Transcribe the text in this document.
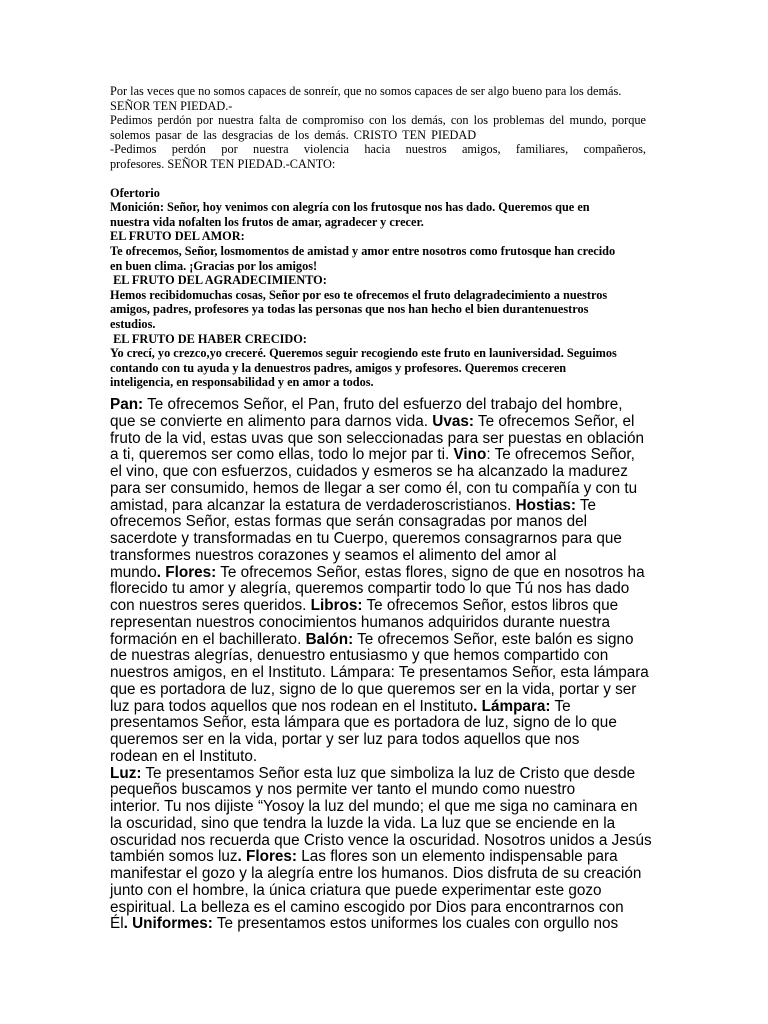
Por las veces que no somos capaces de sonreír, que no somos capaces de ser algo bueno para los demás.

SEÑOR TEN PIEDAD.-

Pedimos perdón por nuestra falta de compromiso con los demás, con los problemas del mundo, porque

solemos pasar de las desgracias de los demás. CRISTO TEN PIEDAD

-Pedimos perdón por nuestra violencia hacia nuestros amigos, familiares, compañeros,

profesores. SEÑOR TEN PIEDAD.-CANTO:

Ofertorio

Monición: Señor, hoy venimos con alegría con los frutosque nos has dado. Queremos que en

nuestra vida nofalten los frutos de amar, agradecer y crecer.

EL FRUTO DEL AMOR:

Te ofrecemos, Señor, losmomentos de amistad y amor entre nosotros como frutosque han crecido

en buen clima. ¡Gracias por los amigos!

EL FRUTO DEL AGRADECIMIENTO:

Hemos recibidomuchas cosas, Señor por eso te ofrecemos el fruto delagradecimiento a nuestros

amigos, padres, profesores ya todas las personas que nos han hecho el bien durantenuestros

estudios.

EL FRUTO DE HABER CRECIDO:

Yo crecí, yo crezco,yo creceré. Queremos seguir recogiendo este fruto en launiversidad. Seguimos

contando con tu ayuda y la denuestros padres, amigos y profesores. Queremos creceren

inteligencia, en responsabilidad y en amor a todos.

Pan: Te ofrecemos Señor, el Pan, fruto del esfuerzo del trabajo del hombre,

que se convierte en alimento para darnos vida. Uvas: Te ofrecemos Señor, el

fruto de la vid, estas uvas que son seleccionadas para ser puestas en oblación

a ti, queremos ser como ellas, todo lo mejor par ti. Vino: Te ofrecemos Señor,

el vino, que con esfuerzos, cuidados y esmeros se ha alcanzado la madurez

para ser consumido, hemos de llegar a ser como él, con tu compañía y con tu

amistad, para alcanzar la estatura de verdaderoscristianos. Hostias: Te

ofrecemos Señor, estas formas que serán consagradas por manos del

sacerdote y transformadas en tu Cuerpo, queremos consagrarnos para que

transformes nuestros corazones y seamos el alimento del amor al

mundo. Flores: Te ofrecemos Señor, estas flores, signo de que en nosotros ha

florecido tu amor y alegría, queremos compartir todo lo que Tú nos has dado

con nuestros seres queridos. Libros: Te ofrecemos Señor, estos libros que

representan nuestros conocimientos humanos adquiridos durante nuestra

formación en el bachillerato. Balón: Te ofrecemos Señor, este balón es signo

de nuestras alegrías, denuestro entusiasmo y que hemos compartido con

nuestros amigos, en el Instituto. Lámpara: Te presentamos Señor, esta lámpara

que es portadora de luz, signo de lo que queremos ser en la vida, portar y ser

luz para todos aquellos que nos rodean en el Instituto. Lámpara: Te

presentamos Señor, esta lámpara que es portadora de luz, signo de lo que

queremos ser en la vida, portar y ser luz para todos aquellos que nos

rodean en el Instituto.

Luz: Te presentamos Señor esta luz que simboliza la luz de Cristo que desde

pequeños buscamos y nos permite ver tanto el mundo como nuestro

interior. Tu nos dijiste “Yosoy la luz del mundo; el que me siga no caminara en

la oscuridad, sino que tendra la luzde la vida. La luz que se enciende en la

oscuridad nos recuerda que Cristo vence la oscuridad. Nosotros unidos a Jesús

también somos luz. Flores: Las flores son un elemento indispensable para

manifestar el gozo y la alegría entre los humanos. Dios disfruta de su creación

junto con el hombre, la única criatura que puede experimentar este gozo

espiritual. La belleza es el camino escogido por Dios para encontrarnos con

Él. Uniformes: Te presentamos estos uniformes los cuales con orgullo nos
